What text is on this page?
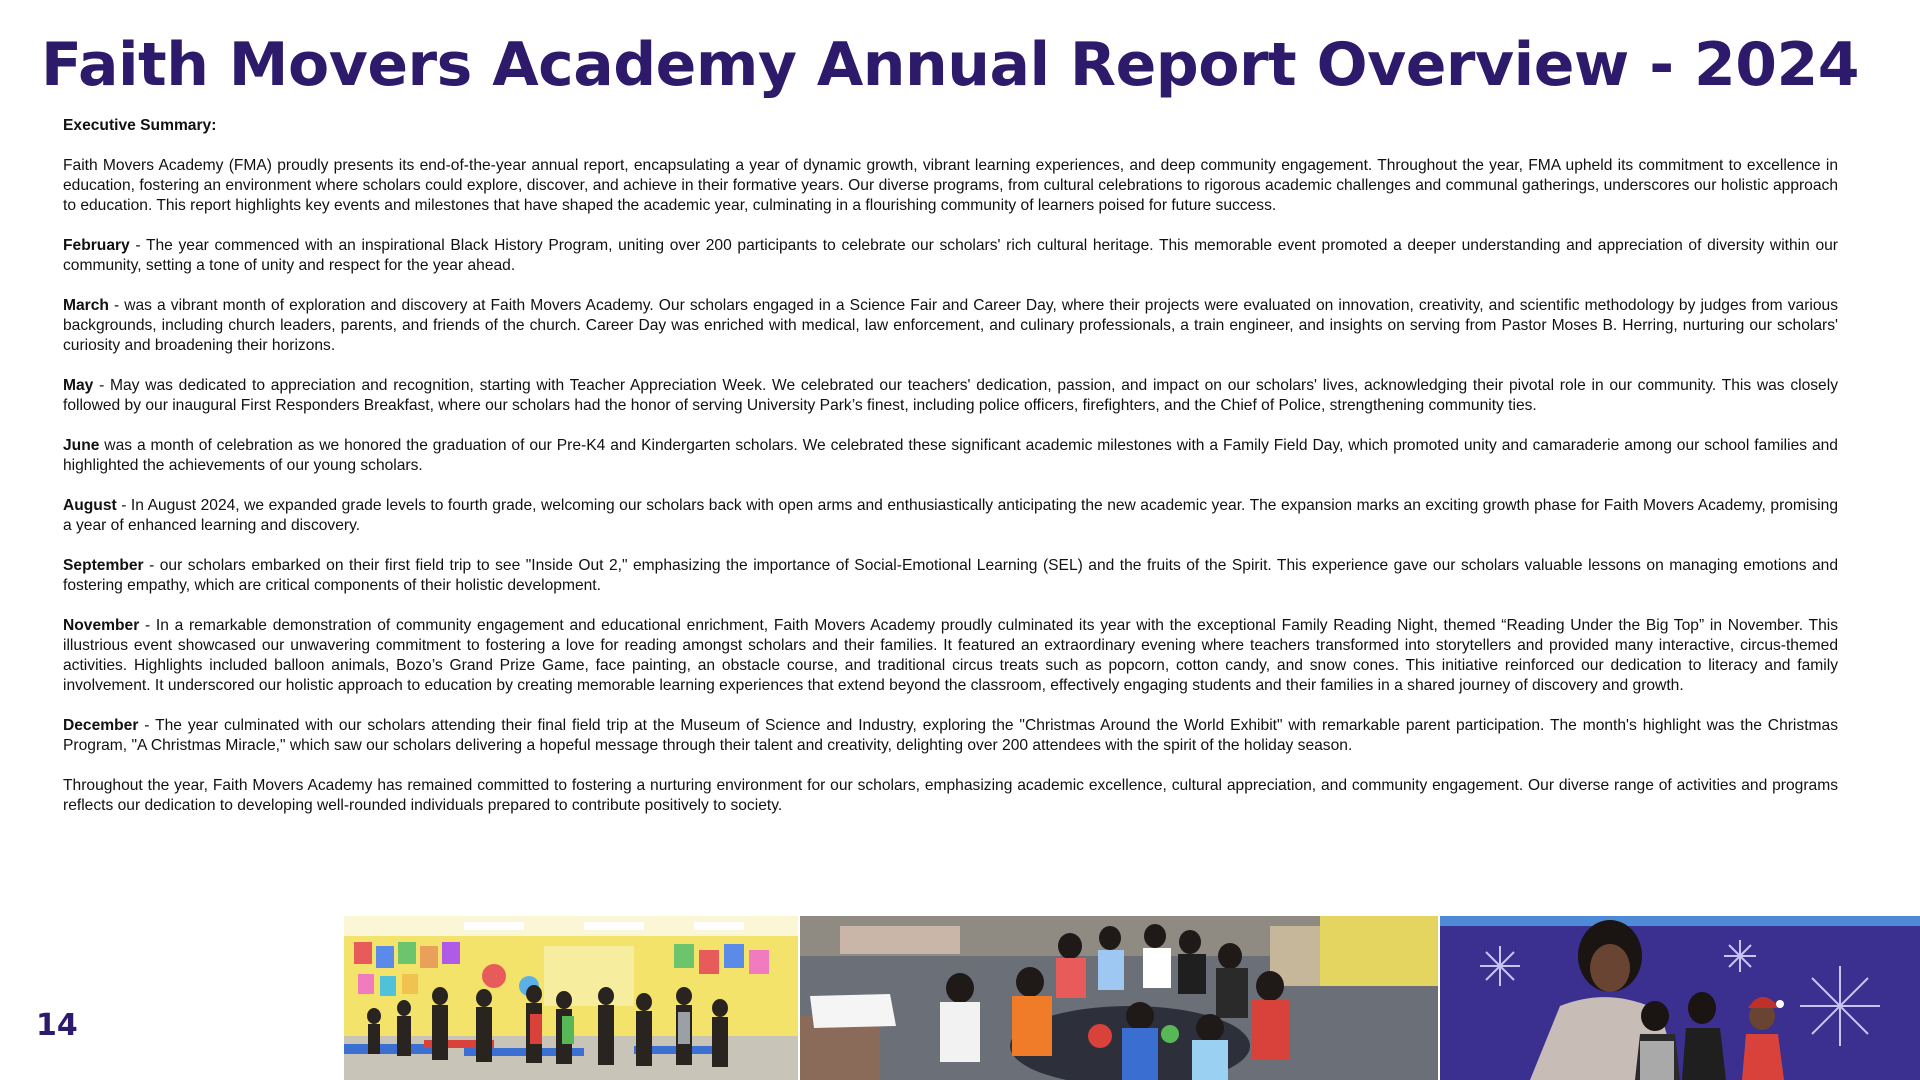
Faith Movers Academy Annual Report Overview - 2024

Executive Summary:

Faith Movers Academy (FMA) proudly presents its end-of-the-year annual report, encapsulating a year of dynamic growth, vibrant learning experiences, and deep community engagement. Throughout the year, FMA upheld its commitment to excellence in education, fostering an environment where scholars could explore, discover, and achieve in their formative years. Our diverse programs, from cultural celebrations to rigorous academic challenges and communal gatherings, underscores our holistic approach to education. This report highlights key events and milestones that have shaped the academic year, culminating in a flourishing community of learners poised for future success.

February - The year commenced with an inspirational Black History Program, uniting over 200 participants to celebrate our scholars' rich cultural heritage. This memorable event promoted a deeper understanding and appreciation of diversity within our community, setting a tone of unity and respect for the year ahead.

March - was a vibrant month of exploration and discovery at Faith Movers Academy. Our scholars engaged in a Science Fair and Career Day, where their projects were evaluated on innovation, creativity, and scientific methodology by judges from various backgrounds, including church leaders, parents, and friends of the church. Career Day was enriched with medical, law enforcement, and culinary professionals, a train engineer, and insights on serving from Pastor Moses B. Herring, nurturing our scholars' curiosity and broadening their horizons.

May - May was dedicated to appreciation and recognition, starting with Teacher Appreciation Week. We celebrated our teachers' dedication, passion, and impact on our scholars' lives, acknowledging their pivotal role in our community. This was closely followed by our inaugural First Responders Breakfast, where our scholars had the honor of serving University Park’s finest, including police officers, firefighters, and the Chief of Police, strengthening community ties.

June was a month of celebration as we honored the graduation of our Pre-K4 and Kindergarten scholars. We celebrated these significant academic milestones with a Family Field Day, which promoted unity and camaraderie among our school families and highlighted the achievements of our young scholars.

August - In August 2024, we expanded grade levels to fourth grade, welcoming our scholars back with open arms and enthusiastically anticipating the new academic year. The expansion marks an exciting growth phase for Faith Movers Academy, promising a year of enhanced learning and discovery.

September - our scholars embarked on their first field trip to see "Inside Out 2," emphasizing the importance of Social-Emotional Learning (SEL) and the fruits of the Spirit. This experience gave our scholars valuable lessons on managing emotions and fostering empathy, which are critical components of their holistic development.

November - In a remarkable demonstration of community engagement and educational enrichment, Faith Movers Academy proudly culminated its year with the exceptional Family Reading Night, themed “Reading Under the Big Top” in November. This illustrious event showcased our unwavering commitment to fostering a love for reading amongst scholars and their families. It featured an extraordinary evening where teachers transformed into storytellers and provided many interactive, circus-themed activities. Highlights included balloon animals, Bozo’s Grand Prize Game, face painting, an obstacle course, and traditional circus treats such as popcorn, cotton candy, and snow cones. This initiative reinforced our dedication to literacy and family involvement. It underscored our holistic approach to education by creating memorable learning experiences that extend beyond the classroom, effectively engaging students and their families in a shared journey of discovery and growth.

December - The year culminated with our scholars attending their final field trip at the Museum of Science and Industry, exploring the "Christmas Around the World Exhibit" with remarkable parent participation. The month's highlight was the Christmas Program, "A Christmas Miracle," which saw our scholars delivering a hopeful message through their talent and creativity, delighting over 200 attendees with the spirit of the holiday season.

Throughout the year, Faith Movers Academy has remained committed to fostering a nurturing environment for our scholars, emphasizing academic excellence, cultural appreciation, and community engagement. Our diverse range of activities and programs reflects our dedication to developing well-rounded individuals prepared to contribute positively to society.

14
